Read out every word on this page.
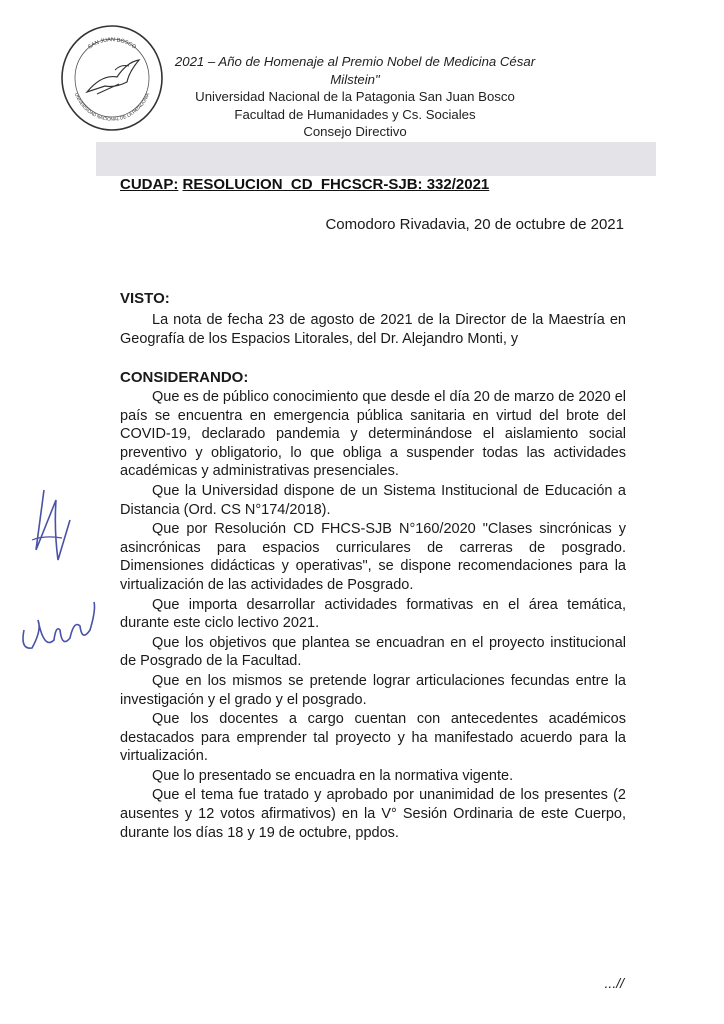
SAN JUAN BOSCO
UNIVERSIDAD NACIONAL DE LA PATAGONIA
2021 – Año de Homenaje al Premio Nobel de Medicina César Milstein"
Universidad Nacional de la Patagonia San Juan Bosco
Facultad de Humanidades y Cs. Sociales
Consejo Directivo
CUDAP: RESOLUCION_CD_FHCSCR-SJB: 332/2021
Comodoro Rivadavia, 20 de octubre de 2021
VISTO:
La nota de fecha 23 de agosto de 2021 de la Director de la Maestría en Geografía de los Espacios Litorales, del Dr. Alejandro Monti, y
CONSIDERANDO:

Que es de público conocimiento que desde el día 20 de marzo de 2020 el país se encuentra en emergencia pública sanitaria en virtud del brote del COVID-19, declarado pandemia y determinándose el aislamiento social preventivo y obligatorio, lo que obliga a suspender todas las actividades académicas y administrativas presenciales.

Que la Universidad dispone de un Sistema Institucional de Educación a Distancia (Ord. CS N°174/2018).

Que por Resolución CD FHCS-SJB N°160/2020 "Clases sincrónicas y asincrónicas para espacios curriculares de carreras de posgrado. Dimensiones didácticas y operativas", se dispone recomendaciones para la virtualización de las actividades de Posgrado.

Que importa desarrollar actividades formativas en el área temática, durante este ciclo lectivo 2021.

Que los objetivos que plantea se encuadran en el proyecto institucional de Posgrado de la Facultad.

Que en los mismos se pretende lograr articulaciones fecundas entre la investigación y el grado y el posgrado.

Que los docentes a cargo cuentan con antecedentes académicos destacados para emprender tal proyecto y ha manifestado acuerdo para la virtualización.

Que lo presentado se encuadra en la normativa vigente.

Que el tema fue tratado y aprobado por unanimidad de los presentes (2 ausentes y 12 votos afirmativos) en la V° Sesión Ordinaria de este Cuerpo, durante los días 18 y 19 de octubre, ppdos.

...//
